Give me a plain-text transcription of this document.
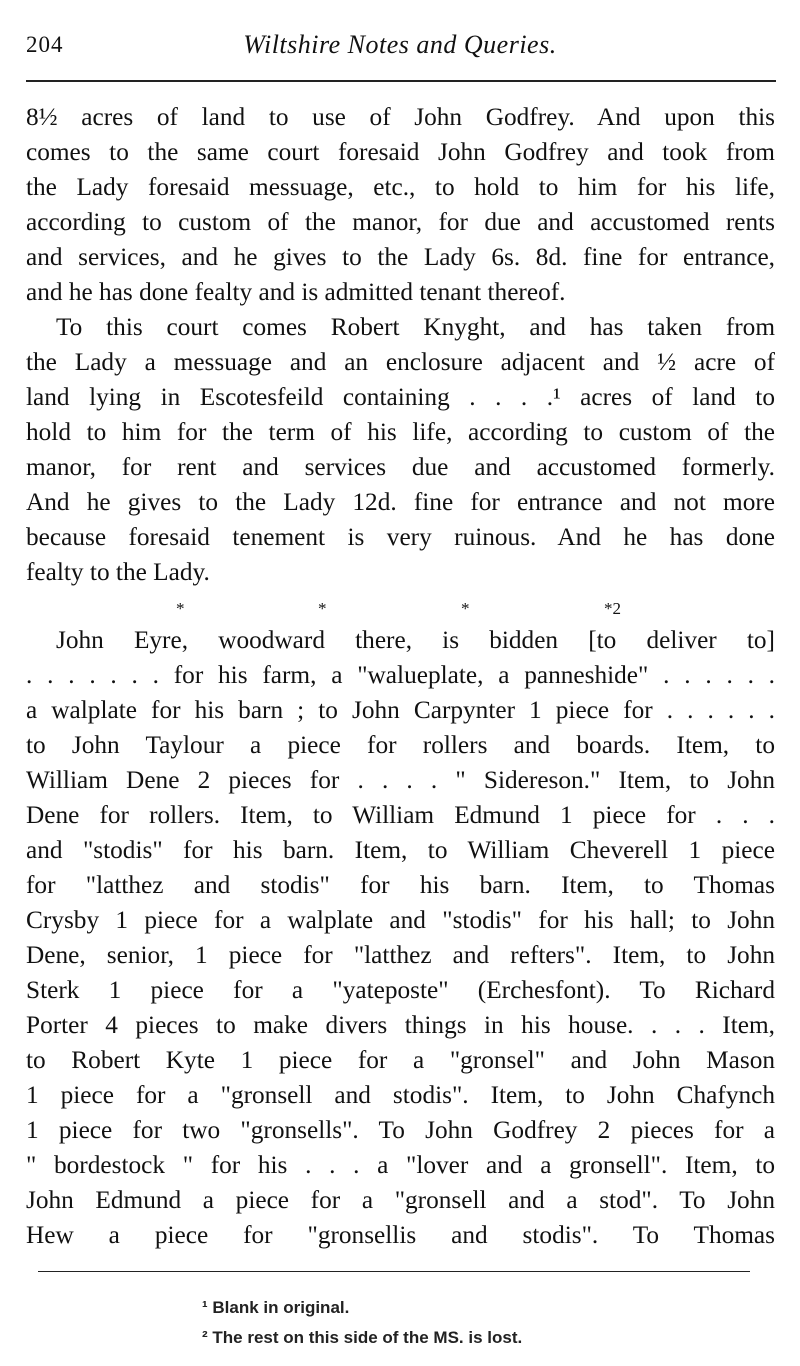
204	Wiltshire Notes and Queries.
8½ acres of land to use of John Godfrey. And upon this
comes to the same court foresaid John Godfrey and took from
the Lady foresaid messuage, etc., to hold to him for his life,
according to custom of the manor, for due and accustomed rents
and services, and he gives to the Lady 6s. 8d. fine for entrance,
and he has done fealty and is admitted tenant thereof.
To this court comes Robert Knyght, and has taken from
the Lady a messuage and an enclosure adjacent and ½ acre of
land lying in Escotesfeild containing . . . .¹ acres of land to
hold to him for the term of his life, according to custom of the
manor, for rent and services due and accustomed formerly.
And he gives to the Lady 12d. fine for entrance and not more
because foresaid tenement is very ruinous. And he has done
fealty to the Lady.
*	*	*	*2
John Eyre, woodward there, is bidden [to deliver to]
. . . . . . . for his farm, a "walueplate, a panneshide" . . . . . .
a walplate for his barn ; to John Carpynter 1 piece for . . . . . .
to John Taylour a piece for rollers and boards. Item, to
William Dene 2 pieces for . . . . " Sidereson." Item, to John
Dene for rollers. Item, to William Edmund 1 piece for . . .
and "stodis" for his barn. Item, to William Cheverell 1 piece
for "latthez and stodis" for his barn. Item, to Thomas
Crysby 1 piece for a walplate and "stodis" for his hall; to John
Dene, senior, 1 piece for "latthez and refters". Item, to John
Sterk 1 piece for a "yateposte" (Erchesfont). To Richard
Porter 4 pieces to make divers things in his house. . . . Item,
to Robert Kyte 1 piece for a "gronsel" and John Mason
1 piece for a "gronsell and stodis". Item, to John Chafynch
1 piece for two "gronsells". To John Godfrey 2 pieces for a
" bordestock " for his . . . a "lover and a gronsell". Item, to
John Edmund a piece for a "gronsell and a stod". To John
Hew a piece for "gronsellis and stodis". To Thomas
¹ Blank in original.
² The rest on this side of the MS. is lost.
